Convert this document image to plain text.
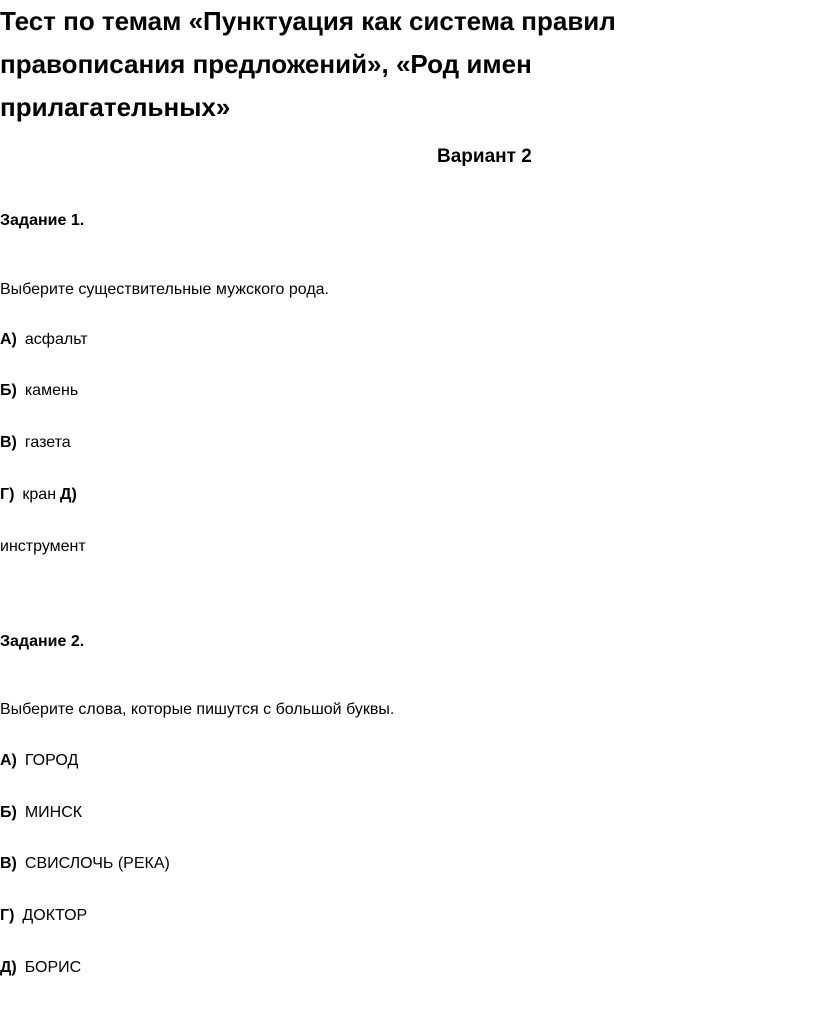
Тест по темам «Пунктуация как система правил
правописания предложений», «Род имен
прилагательных»
Вариант 2
Задание 1.
Выберите существительные мужского рода.
А) асфальт
Б) камень
В) газета
Г) кран Д)
инструмент
Задание 2.
Выберите слова, которые пишутся с большой буквы.
А) ГОРОД
Б) МИНСК
В) СВИСЛОЧЬ (РЕКА)
Г) ДОКТОР
Д) БОРИС
